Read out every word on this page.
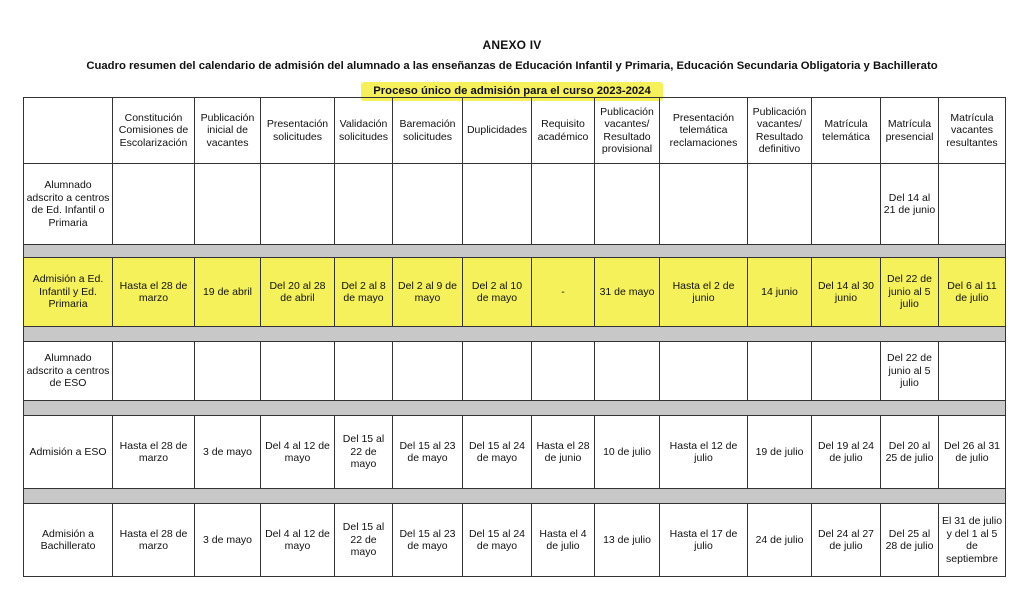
ANEXO IV
Cuadro resumen del calendario de admisión del alumnado a las enseñanzas de Educación Infantil y Primaria, Educación Secundaria Obligatoria y Bachillerato
Proceso único de admisión para el curso 2023-2024
	Constitución Comisiones de Escolarización	Publicación inicial de vacantes	Presentación solicitudes	Validación solicitudes	Baremación solicitudes	Duplicidades	Requisito académico	Publicación vacantes/ Resultado provisional	Presentación telemática reclamaciones	Publicación vacantes/ Resultado definitivo	Matrícula telemática	Matrícula presencial	Matrícula vacantes resultantes
Alumnado adscrito a centros de Ed. Infantil o Primaria												Del 14 al 21 de junio	

Admisión a Ed. Infantil y Ed. Primaria	Hasta el 28 de marzo	19 de abril	Del 20 al 28 de abril	Del 2 al 8 de mayo	Del 2 al 9 de mayo	Del 2 al 10 de mayo	-	31 de mayo	Hasta el 2 de junio	14 junio	Del 14 al 30 junio	Del 22 de junio al 5 julio	Del 6 al 11 de julio

Alumnado adscrito a centros de ESO												Del 22 de junio al 5 julio	

Admisión a ESO	Hasta el 28 de marzo	3 de mayo	Del 4 al 12 de mayo	Del 15 al 22 de mayo	Del 15 al 23 de mayo	Del 15 al 24 de mayo	Hasta el 28 de junio	10 de julio	Hasta el 12 de julio	19 de julio	Del 19 al 24 de julio	Del 20 al 25 de julio	Del 26 al 31 de julio

Admisión a Bachillerato	Hasta el 28 de marzo	3 de mayo	Del 4 al 12 de mayo	Del 15 al 22 de mayo	Del 15 al 23 de mayo	Del 15 al 24 de mayo	Hasta el 4 de julio	13 de julio	Hasta el 17 de julio	24 de julio	Del 24 al 27 de julio	Del 25 al 28 de julio	El 31 de julio y del 1 al 5 de septiembre
